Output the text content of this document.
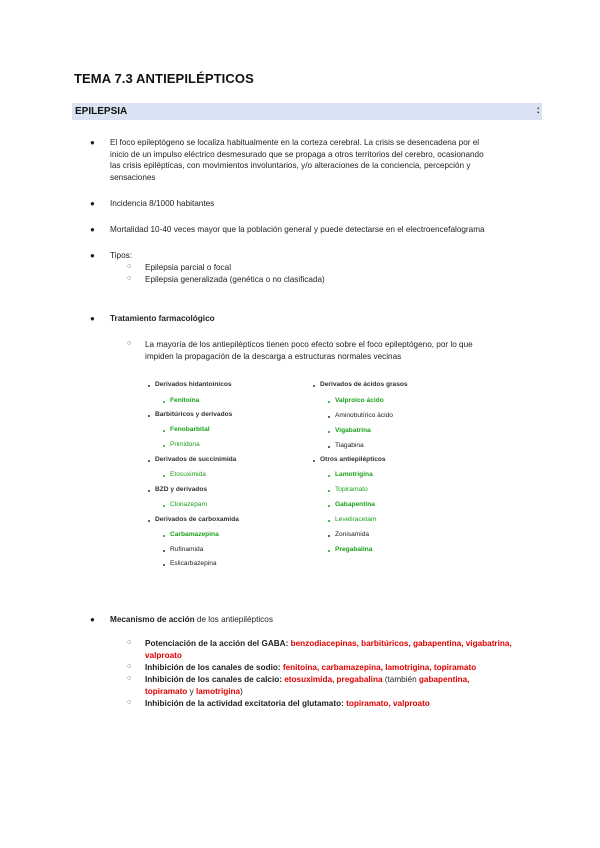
TEMA 7.3 ANTIEPILÉPTICOS
EPILEPSIA	:
● El foco epileptógeno se localiza habitualmente en la corteza cerebral. La crisis se desencadena por el
inicio de un impulso eléctrico desmesurado que se propaga a otros territorios del cerebro, ocasionando
las crisis epilépticas, con movimientos involuntarios, y/o alteraciones de la conciencia, percepción y
sensaciones
● Incidencia 8/1000 habitantes
● Mortalidad 10-40 veces mayor que la población general y puede detectarse en el electroencefalograma
● Tipos:
○ Epilepsia parcial o focal
○ Epilepsia generalizada (genética o no clasificada)
● Tratamiento farmacológico
○ La mayoría de los antiepilépticos tienen poco efecto sobre el foco epileptógeno, por lo que
impiden la propagación de la descarga a estructuras normales vecinas
Derivados hidantoínicos
Fenitoína
Barbitúricos y derivados
Fenobarbital
Primidona
Derivados de succinimida
Etosuximida
BZD y derivados
Clonazepam
Derivados de carboxamida
Carbamazepina
Rufinamida
Eslicarbazepina
Derivados de ácidos grasos
Valproico ácido
Aminobutírico ácido
Vigabatrina
Tiagabina
Otros antiepilépticos
Lamotrigina
Topiramato
Gabapentina
Levetiracetam
Zonisamida
Pregabalina
● Mecanismo de acción de los antiepilépticos
○ Potenciación de la acción del GABA: benzodiacepinas, barbitúricos, gabapentina, vigabatrina,
valproato
○ Inhibición de los canales de sodio: fenitoína, carbamazepina, lamotrigina, topiramato
○ Inhibición de los canales de calcio: etosuximida, pregabalina (también gabapentina,
topiramato y lamotrigina)
○ Inhibición de la actividad excitatoria del glutamato: topiramato, valproato
